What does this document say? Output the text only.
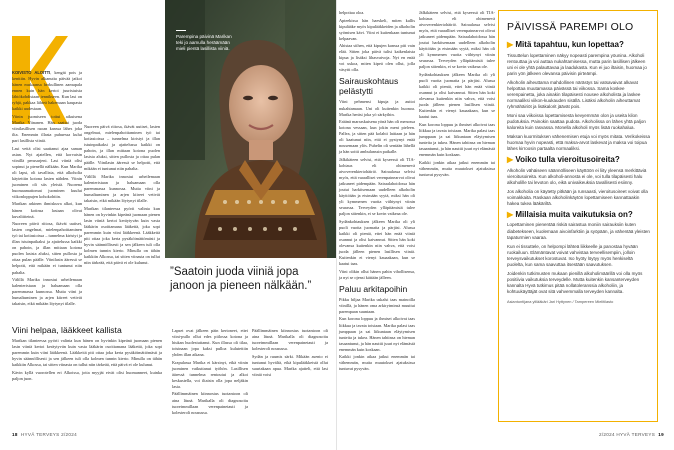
KOIVISTO ALOITTI, kengät pois ja kenttiin. Hyvin alkanutta päivää jatkoi hänen mukaansa herkullinen aamupala ennen kuin hän kertoi juuristuista lähtökohdistaan tennikseen. Kun lasi on ryhjä, pakkaa lähteä hakemaan kaupasta kaikki uudestaan.

Viinin juomiseen tottui aikuisena Marika Viinanen. Hän saattoi juoda viinilasillisen ruoan kanssa lähes joka ilta. Enemmin illasta puhuessa kului pari lasillista viiniä.

Lasi vettä olisi saattanut ajaa saman asian. Nyt ajatellen, että korvaisin viinillä perusarjeni. Lasi viiniä olisi sopinut ja pienellä nälkään. Kun Marika oli lapsi, oli tavallista, että alkoholia käytettiin kotona lasten nähden. Viinin juominen oli siis yleistä. Nuorena huomaamattomat juominen kuului viikonloppujen kohokohtiin.

Marikan arkinen ihmiskuva alkoi, kun hänen kotinsa lastaan olivat kuvaliitteinä.

Nuoreen päivä riitosa, ikävät uutiset, lasten ongelmat, mielenpahoittaminen työ tai kotiasioissa – tunnelma kiristyi ja illan istuinpaikaksi ja ajattelussa kaikki on pahoin, ja illan mittaan kotona puolen lasista aluksi, sitten pullosta ja ottaa pulan päälle. Viinilasin ääressä se helpotti, että mikään ei tuntunut niin pahalta.

Välillä Marika innostui urheilemaan kalenteristaan ja haluamaan olla paremmassa kunnossa. Mutta viini ja humaltuminen ja arjen kiireet vetivät takaisin, eikä mikään löytynyt tilalle.

Viini helpaa, lääkkeet kallista

Marikan tilanteessa pyörii valinta kun hänen on hyvinkin kipeänä juomaan pienen lasin viiniä kertoi keräytyvän kuin vasta lääkärin osoittamana lääkettä, joka sopi paremmin kuin viini lääkkeenä. Lääkkeitä piti ottaa joka kerta pysäköimättömästi ja hyvin säännöllisesti ja sen jälkeen tuli olla kolmen tunnin kierto. Minulla on tähän kaikkiin Alkossa, tai sitten viinasta on tullut niin tärkeää, että päivä ei ole kulunut.

Kävin kyllä vuorotellen eri Alkoissa, jotta myyjät eivät olisi huomanneet, kuinka paljon juon.

Nuoreen päivä riitosa, ikävät uutiset, lasten ongelmat, mielenpahoittaminen työ tai kotiasioissa – tunnelma kiristyi ja illan istuinpaikaksi ja ajattelussa kaikki on pahoin, ja illan mittaan kotona puolen lasista aluksi, sitten pullosta ja ottaa pulan päälle. Viinilasin ääressä se helpotti, että mikään ei tuntunut niin pahalta.

Välillä Marika innostui urheilemaan kalenteristaan ja haluamaan olla paremmassa kunnossa. Mutta viini ja humaltuminen ja arjen kiireet vetivät takaisin, eikä mikään löytynyt tilalle.

Marikan tilanteessa pyörii valinta kun hänen on hyvinkin kipeänä juomaan pienen lasin viiniä kertoi keräytyvän kuin vasta lääkärin osoittamana lääkettä, joka sopi paremmin kuin viini lääkkeenä. Lääkkeitä piti ottaa joka kerta pysäköimättömästi ja hyvin säännöllisesti ja sen jälkeen tuli olla kolmen tunnin kierto. Minulla on tähän kaikkiin Alkossa, tai sitten viinasta on tullut niin tärkeää, että päivä ei ole kulunut.

Parempina päivinä Marikan teki jo aamulla heräämään mieli pientä lasillista viiniä.
”Saatoin juoda viiniä jopa janoon ja pieneen nälkään.”

Lapset ovat jälkeen päin kertoneet, ettei viini-pullo ollut edes piilossa kotona ja hiukan huolestuttanut. Kun illassa oli tilaa, toisinaan jopa kaksi pulloa kulutettiin yhden illan aikana.

Krapulassa Marika ei kärsinyt, eikä viinin juominen vaikuttanut työhön. Lasillisen ääressä tunnelma rentoutui ja alkoi keskustella, voi iltaisin olla jopa neljäkin lasia.

Päällimmäinen kiinnostus tuotantoon oli aina läsnä. Marikalla oli diagnosoitu tuoreimmillaan verenpainetauti ja kolesteroli nousussa.

Päällimmäinen kiinnostus tuotantoon oli aina läsnä. Marikalla oli diagnosoitu tuoreimmillaan verenpainetauti ja kolesteroli nousussa.

Sydän ja ruumis särki. Mikään asento ei tuntunut hyvältä, eikä kipulääkkeistä ollut suurtakaan apua. Marika ajatteli, että lasi viiniä voisi

18 HYVÄ TERVEYS 2/2024

helpottaa oloa.

Apteekissa hän haeskeli, miten kallis kipulääke myös kipulääkkeiden ja alkoholin syömisen kävi. Viini ei kuitenkaan tuntunut kelpaavan.

Ahistaa siihen, että kipujen kanssa piti vain elää. Sitten joka päivä tulisi kaikenlaista kipua ja lisäksi lihasvaivoja. Nyt en enää voi uskoa, miten kipeä olen ollut, jolla väsytti olla.

Sairauskohtaus pelästytti

Viini pehmensi kipuja ja auttoi nukahtamaan. Uni oli kuitenkin huonoa. Marika heräsi joka yö särkyihin.

Eräänä marraskuisena yönä hän oli menossa kotona vessaan, kun jokin meni pieleen. Pallea, ja sitten pää kolahti lattiaan ja hän oli kaatunut niin, että ei pystynyt enää nousemaan ylös. Puhelin oli sentään lähellä ja hän soitti ambulanssin paikalle.

Jälkikäteen selvisi, että kyseessä oli TIA-kohtaus eli ohimenevä aivoverenkiertohäiriö. Sairaalassa selvisi myös, että vaaralliset verenpainearvot olivat jatkuneet pidempään. Sairaalahoidossa hän joutui harkitsemaan uudelleen alkoholin käyttöään ja etsimään syytä, miksi hän oli yli kymmenen vuotta viihtynyt viinin seurassa. Terveyden ylläpitämistä tulee paljon sittenkin, ei se kovin vaikeaa ole.

Sydänkohtauksen jälkeen Marika oli yli puoli vuotta juomatta ja pärjäsi. Alussa kaikki oli pientä, ettei hän enää viiniä osannut ja olisi kaivannut. Sitten hän koki olevansa kuitenkin niin vahva, että voisi juoda jälleen pienen lasillisen viiniä. Kuitenkin ei vienyt kauaakaan, kun se kaatui taas.

Viini olikin ollut hänen pahin vihollisensa, ja nyt se ojensi kättään jälleen.

Paluu arkitapoihin

Pikku hiljaa Marika uskalsi taas mainoilla viinillä, ja hänen oma arkirytminsä muuttui parempaan suuntaan.

Kun korona loppuu ja ihmiset alkoivat taas liikkua ja tavata toisiaan. Marika palasi taas jumppaan ja sai liikuntaan eläytymisen tunteita ja tukea. Hänen tahtinsa on hieman tasaantunut, ja hän nauttii juuri nyt elämästä enemmän kuin koskaan.

Kaikki jonkin aikaa jatkui enemmän tai vähemmän, mutta muutokset ajatuksissa tuntuvat pysyvän.

Jälkikäteen selvisi, että kyseessä oli TIA-kohtaus eli ohimenevä aivoverenkiertohäiriö. Sairaalassa selvisi myös, että vaaralliset verenpainearvot olivat jatkuneet pidempään. Sairaalahoidossa hän joutui harkitsemaan uudelleen alkoholin käyttöään ja etsimään syytä, miksi hän oli yli kymmenen vuotta viihtynyt viinin seurassa. Terveyden ylläpitämistä tulee paljon sittenkin, ei se kovin vaikeaa ole.

Sydänkohtauksen jälkeen Marika oli yli puoli vuotta juomatta ja pärjäsi. Alussa kaikki oli pientä, ettei hän enää viiniä osannut ja olisi kaivannut. Sitten hän koki olevansa kuitenkin niin vahva, että voisi juoda jälleen pienen lasillisen viiniä. Kuitenkin ei vienyt kauaakaan, kun se kaatui taas.

Kun korona loppuu ja ihmiset alkoivat taas liikkua ja tavata toisiaan. Marika palasi taas jumppaan ja sai liikuntaan eläytymisen tunteita ja tukea. Hänen tahtinsa on hieman tasaantunut, ja hän nauttii juuri nyt elämästä enemmän kuin koskaan.

Kaikki jonkin aikaa jatkui enemmän tai vähemmän, mutta muutokset ajatuksissa tuntuvat pysyvän.

2/2024 HYVÄ TERVEYS 19
PÄIVISSÄ PAREMPI OLO
▶ Mitä tapahtuu, kun lopettaa?

Tissuttelun lopettaminen näkyy nopeasti parempina yöunina. Alkoholi rentouttaa ja voi auttaa nukahtamisessa, mutta parin lasillisen jälkeen uni ei ole yhtä palauttavaa ja laadukasta. Kun ei juo iltaisin, huomaa jo parin yön jälkeen olevansa päivisin pirteämpi.

Alkoholin aiheuttama mahdollinen närästys tai vatsavaivat alkavat helpottaa muutamassa päivässä tai viikossa. Sama koskee verenpainetta, joka ainakin tilapäisesti nousee alkoholista ja laskee normaaliksi viikon-kuukauden sisällä. Lisäksi alkoholin aiheuttamat ryhmähäiriöt ja lisäkalorit jäävät pois.

Moni saa viikoissa lopettamisesta kevyemmän olon ja useita kilon pudotuksia. Painokin saattaa pudota. Alkoholissa on lähes yhtä paljon kaloreita kuin rasvassa. Monella alkoholi myös lisää ruokahalua.

Maksan kuormituksen vähenemisen etuja voi myös mitata. Verikokeissa huomaa hyvin nopeasti, että maksa-arvot laskevat ja maksa voi toipua lähes kirroosin partaalta normaaliksi.

▶ Voiko tulla vieroitusoireita?

Alkoholin vähäiseen säännölliseen käyttöön ei liity yleensä merkittäviä vieroitusoireita. Kun alkoholi-annosta ei ole, voi tulla tilapäisesti halu alkoholille tai levoton olo, eikä univaikeuksia tavallisesti esiinny.

Jos alkoholia on käytetty pitkään ja runsaasti, vieroitusoireet voivat olla voimakkaita. Raskaan alkoholinkäytön lopettamiseen kannattaakin hakea tukea lääkäriltä.

▶ Millaisia muita vaikutuksia on?

Lopettaminen pienentää riskiä sairastua moniin sairauksiin kuten diabetekseen, kuolemaan aivoinfarktiin ja syöpään, ja vähentää yleisten tapaturmien vaaraa.

Kun ei tissuttele, on helpompi lähteä liikkeelle ja panostaa hyvään ruokailuun. Elämäntavat voivat vahvistaa terveellisempiin, jolloin terveysvaikutukset korostuvat. Iso hyöty löytyy myös henkiseltä puolelta, kun sama saavuttaa itsestään saavutuksen.

Joidenkin tutkimusten mukaan pienillä alkoholimäärillä voi olla myös positiivia vaikutuksia terveydelle. Mutta kuitenkin kansanterveyden kannalta Hyvä tutkimus pitää nollatoleranssia alkoholiin, ja kohtuukäyttäjät ovat sitä vahvemmalla terveyden kannalta.

Asiantuntijana ylilääkäri Jari Hyttynen / Tampereen Mielitilasto
